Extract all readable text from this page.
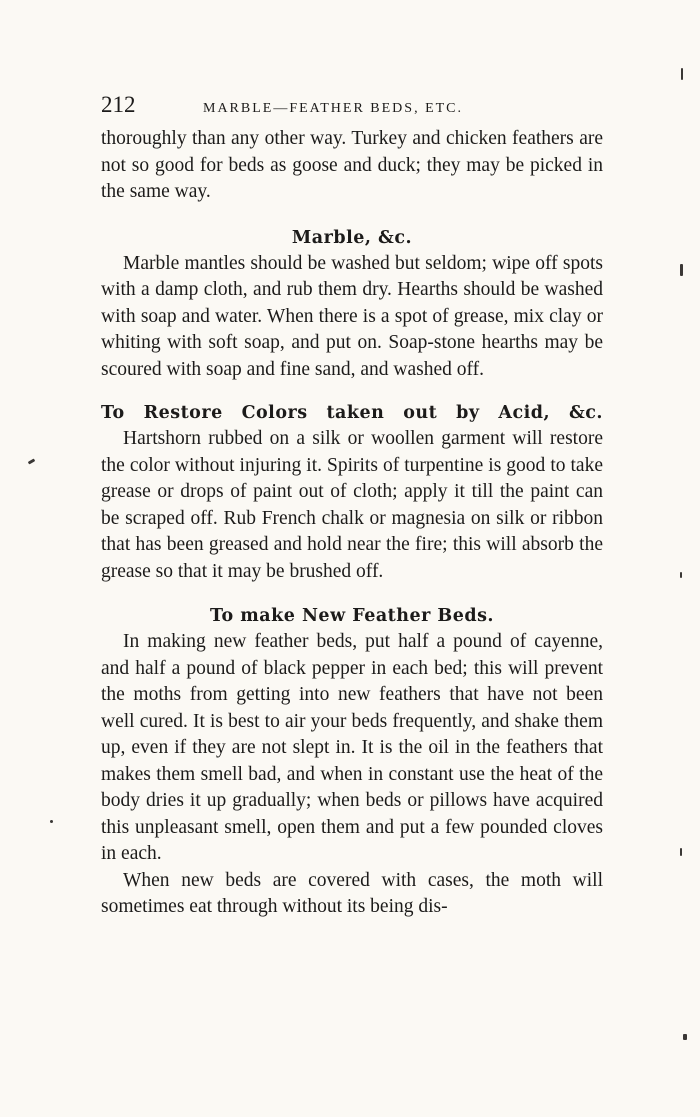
212	MARBLE—FEATHER BEDS, ETC.

thoroughly than any other way. Turkey and chicken feathers are not so good for beds as goose and duck; they may be picked in the same way.

Marble, &c.

Marble mantles should be washed but seldom; wipe off spots with a damp cloth, and rub them dry. Hearths should be washed with soap and water. When there is a spot of grease, mix clay or whiting with soft soap, and put on. Soap-stone hearths may be scoured with soap and fine sand, and washed off.

To Restore Colors taken out by Acid, &c.

Hartshorn rubbed on a silk or woollen garment will restore the color without injuring it. Spirits of turpentine is good to take grease or drops of paint out of cloth; apply it till the paint can be scraped off. Rub French chalk or magnesia on silk or ribbon that has been greased and hold near the fire; this will absorb the grease so that it may be brushed off.

To make New Feather Beds.

In making new feather beds, put half a pound of cayenne, and half a pound of black pepper in each bed; this will prevent the moths from getting into new feathers that have not been well cured. It is best to air your beds frequently, and shake them up, even if they are not slept in. It is the oil in the feathers that makes them smell bad, and when in constant use the heat of the body dries it up gradually; when beds or pillows have acquired this unpleasant smell, open them and put a few pounded cloves in each.

When new beds are covered with cases, the moth will sometimes eat through without its being dis-
